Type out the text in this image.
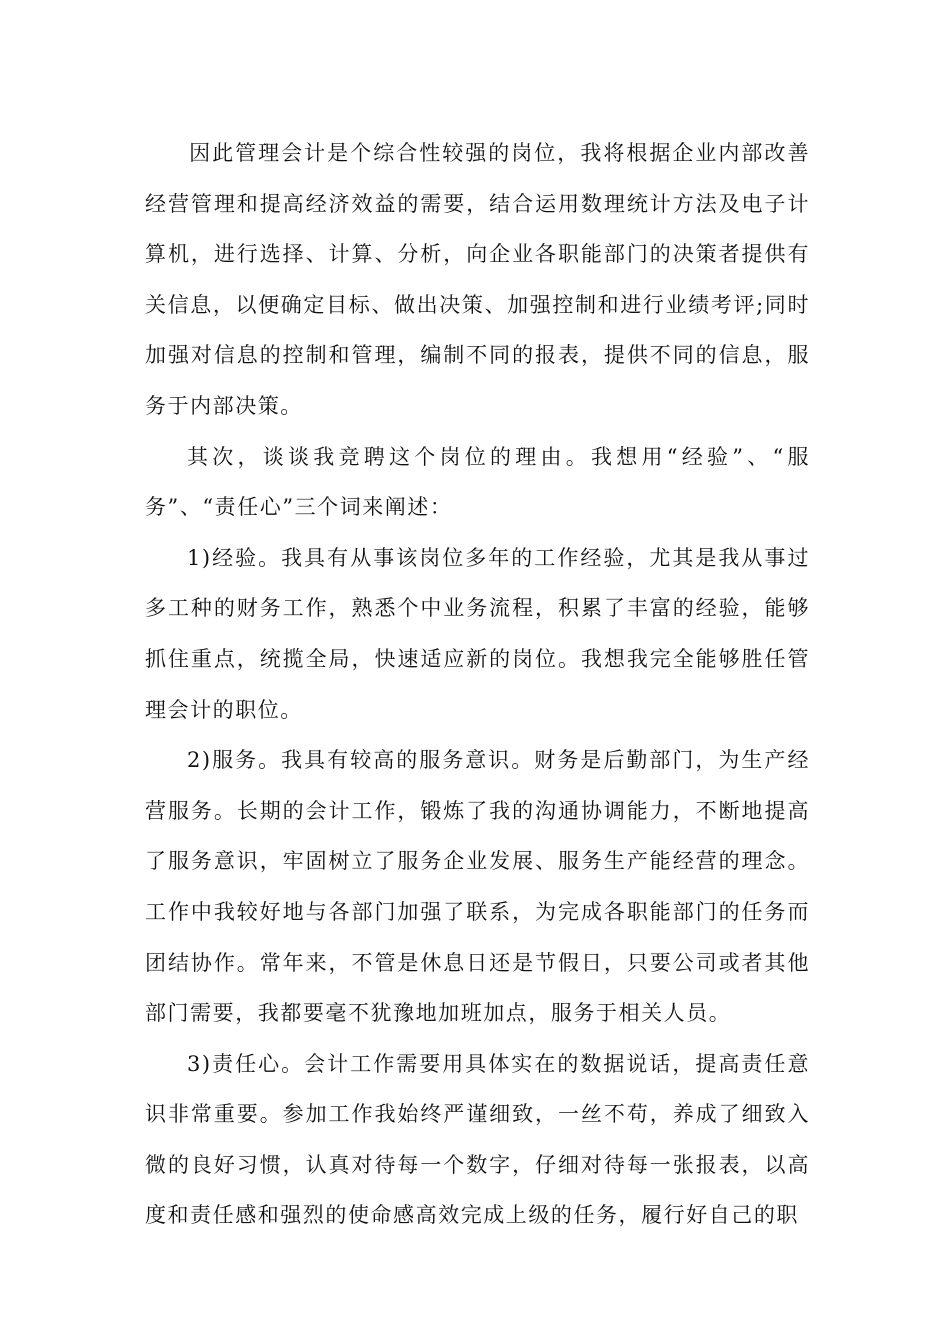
因此管理会计是个综合性较强的岗位，我将根据企业内部改善经营管理和提高经济效益的需要，结合运用数理统计方法及电子计算机，进行选择、计算、分析，向企业各职能部门的决策者提供有关信息，以便确定目标、做出决策、加强控制和进行业绩考评;同时加强对信息的控制和管理，编制不同的报表，提供不同的信息，服务于内部决策。

其次，谈谈我竞聘这个岗位的理由。我想用“经验”、“服务”、“责任心”三个词来阐述：

1)经验。我具有从事该岗位多年的工作经验，尤其是我从事过多工种的财务工作，熟悉个中业务流程，积累了丰富的经验，能够抓住重点，统揽全局，快速适应新的岗位。我想我完全能够胜任管理会计的职位。

2)服务。我具有较高的服务意识。财务是后勤部门，为生产经营服务。长期的会计工作，锻炼了我的沟通协调能力，不断地提高了服务意识，牢固树立了服务企业发展、服务生产能经营的理念。工作中我较好地与各部门加强了联系，为完成各职能部门的任务而团结协作。常年来，不管是休息日还是节假日，只要公司或者其他部门需要，我都要毫不犹豫地加班加点，服务于相关人员。

3)责任心。会计工作需要用具体实在的数据说话，提高责任意识非常重要。参加工作我始终严谨细致，一丝不苟，养成了细致入微的良好习惯，认真对待每一个数字，仔细对待每一张报表，以高度和责任感和强烈的使命感高效完成上级的任务，履行好自己的职
